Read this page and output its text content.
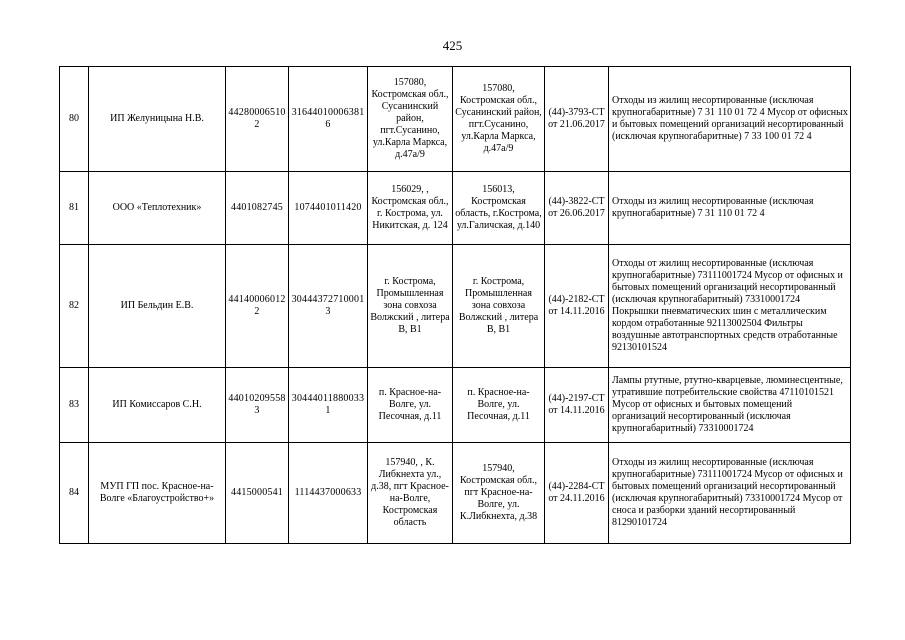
425
80	ИП Желуницына Н.В.	442800065102	316440100063816	157080, Костромская обл., Сусанинский район, пгт.Сусанино, ул.Карла Маркса, д.47а/9	157080, Костромская обл., Сусанинский район, пгт.Сусанино, ул.Карла Маркса, д.47а/9	(44)-3793-СТ от 21.06.2017	Отходы из жилищ несортированные (исключая крупногабаритные) 7 31 110 01 72 4 Мусор от офисных и бытовых помещений организаций несортированный (исключая крупногабаритные) 7 33 100 01 72 4
81	ООО «Теплотехник»	4401082745	1074401011420	156029, , Костромская обл., г. Кострома, ул. Никитская, д. 124	156013, Костромская область, г.Кострома, ул.Галичская, д.140	(44)-3822-СТ от 26.06.2017	Отходы из жилищ несортированные (исключая крупногабаритные) 7 31 110 01 72 4
82	ИП Бельдин Е.В.	441400060122	304443727100013	г. Кострома, Промышленная зона совхоза Волжский , литера В, В1	г. Кострома, Промышленная зона совхоза Волжский , литера В, В1	(44)-2182-СТ от 14.11.2016	Отходы от жилищ несортированные (исключая крупногабаритные) 73111001724 Мусор от офисных и бытовых помещений организаций несортированный (исключая крупногабаритный) 73310001724 Покрышки пневматических шин с металлическим кордом отработанные 92113002504 Фильтры воздушные автотранспортных средств отработанные 92130101524
83	ИП Комиссаров С.Н.	440102095583	304440118800331	п. Красное-на-Волге, ул. Песочная, д.11	п. Красное-на-Волге, ул. Песочная, д.11	(44)-2197-СТ от 14.11.2016	Лампы ртутные, ртутно-кварцевые, люминесцентные, утратившие потребительские свойства 47110101521 Мусор от офисных и бытовых помещений организаций несортированный (исключая крупногабаритный) 73310001724
84	МУП ГП пос. Красное-на-Волге «Благоустройство+»	4415000541	1114437000633	157940, , К. Либкнехта ул., д.38, пгт Красное-на-Волге, Костромская область	157940, Костромская обл., пгт Красное-на-Волге, ул. К.Либкнехта, д.38	(44)-2284-СТ от 24.11.2016	Отходы из жилищ несортированные (исключая крупногабаритные) 73111001724 Мусор от офисных и бытовых помещений организаций несортированный (исключая крупногабаритный) 73310001724 Мусор от сноса и разборки зданий несортированный 81290101724
